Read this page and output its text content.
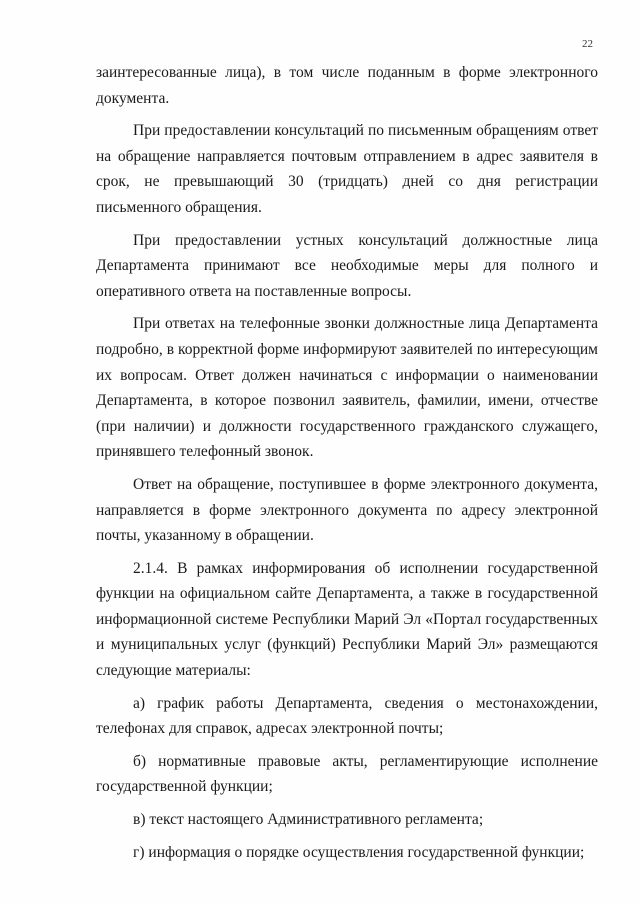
22

заинтересованные лица), в том числе поданным в форме электронного документа.

При предоставлении консультаций по письменным обращениям ответ на обращение направляется почтовым отправлением в адрес заявителя в срок, не превышающий 30 (тридцать) дней со дня регистрации письменного обращения.

При предоставлении устных консультаций должностные лица Департамента принимают все необходимые меры для полного и оперативного ответа на поставленные вопросы.

При ответах на телефонные звонки должностные лица Департамента подробно, в корректной форме информируют заявителей по интересующим их вопросам. Ответ должен начинаться с информации о наименовании Департамента, в которое позвонил заявитель, фамилии, имени, отчестве (при наличии) и должности государственного гражданского служащего, принявшего телефонный звонок.

Ответ на обращение, поступившее в форме электронного документа, направляется в форме электронного документа по адресу электронной почты, указанному в обращении.

2.1.4. В рамках информирования об исполнении государственной функции на официальном сайте Департамента, а также в государственной информационной системе Республики Марий Эл «Портал государственных и муниципальных услуг (функций) Республики Марий Эл» размещаются следующие материалы:

а) график работы Департамента, сведения о местонахождении, телефонах для справок, адресах электронной почты;

б) нормативные правовые акты, регламентирующие исполнение государственной функции;

в) текст настоящего Административного регламента;

г) информация о порядке осуществления государственной функции;
